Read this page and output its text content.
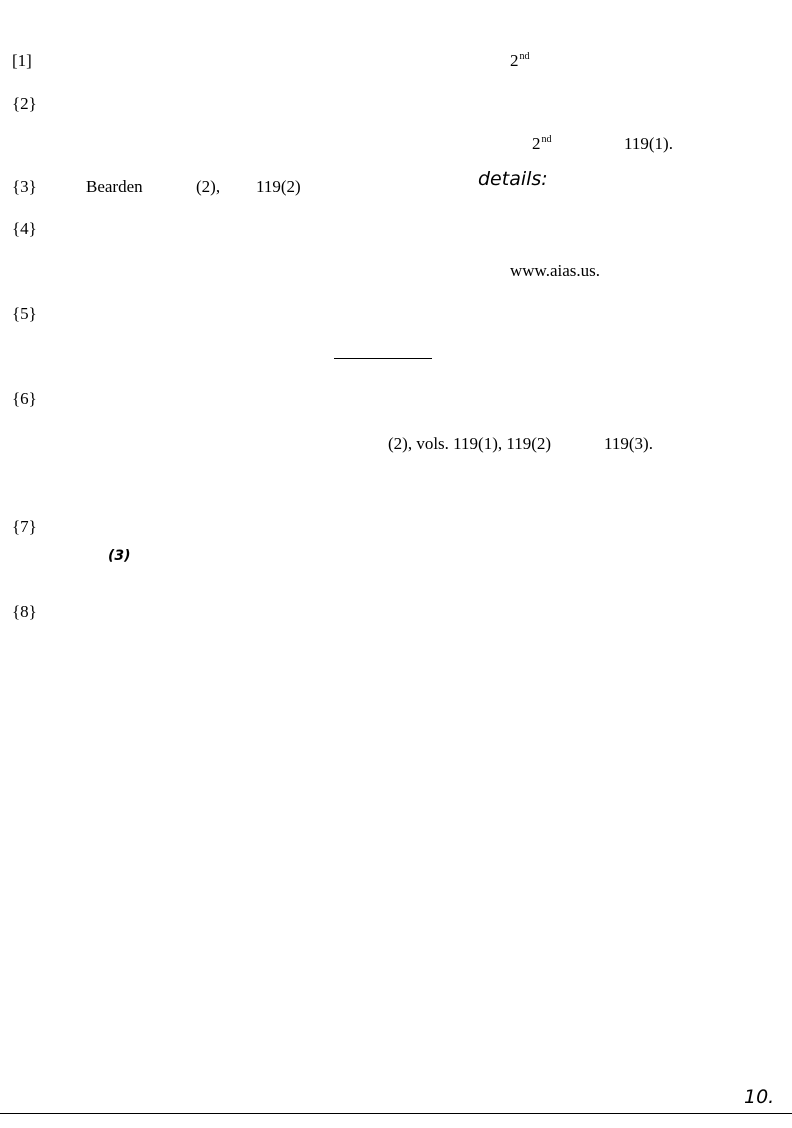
[1]	2nd
{2}
2nd	119(1).
{3}	Bearden	(2), 119(2)	details:
{4}
www.aias.us.
{5}
{6}
(2), vols. 119(1), 119(2)	119(3).
{7}
(3)
{8}
10.
